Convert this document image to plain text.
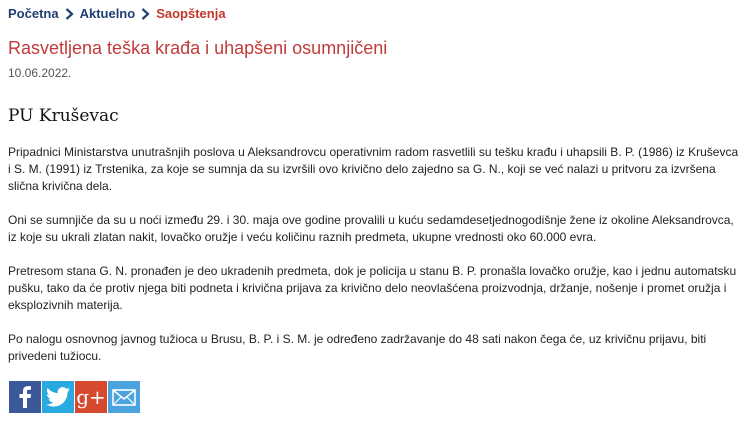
Početna Aktuelno Saopštenja
Rasvetljena teška krađa i uhapšeni osumnjičeni
10.06.2022.
PU Kruševac

Pripadnici Ministarstva unutrašnjih poslova u Aleksandrovcu operativnim radom rasvetlili su tešku krađu i uhapsili B. P. (1986) iz Kruševca i S. M. (1991) iz Trstenika, za koje se sumnja da su izvršili ovo krivično delo zajedno sa G. N., koji se već nalazi u pritvoru za izvršena slična krivična dela.

Oni se sumnjiče da su u noći između 29. i 30. maja ove godine provalili u kuću sedamdesetjednogodišnje žene iz okoline Aleksandrovca, iz koje su ukrali zlatan nakit, lovačko oružje i veću količinu raznih predmeta, ukupne vrednosti oko 60.000 evra.

Pretresom stana G. N. pronađen je deo ukradenih predmeta, dok je policija u stanu B. P. pronašla lovačko oružje, kao i jednu automatsku pušku, tako da će protiv njega biti podneta i krivična prijava za krivično delo neovlašćena proizvodnja, držanje, nošenje i promet oružja i eksplozivnih materija.

Po nalogu osnovnog javnog tužioca u Brusu, B. P. i S. M. je određeno zadržavanje do 48 sati nakon čega će, uz krivičnu prijavu, biti privedeni tužiocu.

g+
